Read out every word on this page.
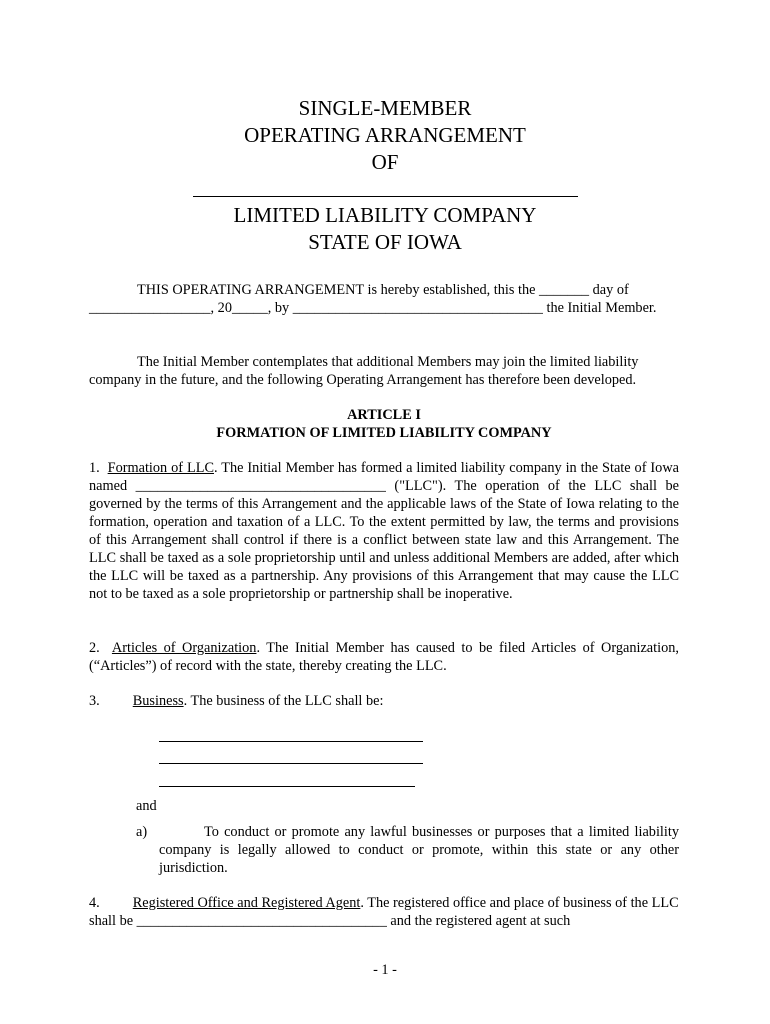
SINGLE-MEMBER
OPERATING ARRANGEMENT
OF
LIMITED LIABILITY COMPANY
STATE OF IOWA
THIS OPERATING ARRANGEMENT is hereby established, this the _______ day of _________________, 20_____, by ___________________________________ the Initial Member.
The Initial Member contemplates that additional Members may join the limited liability company in the future, and the following Operating Arrangement has therefore been developed.
ARTICLE I
FORMATION OF LIMITED LIABILITY COMPANY
1. Formation of LLC. The Initial Member has formed a limited liability company in the State of Iowa named ___________________________________ ("LLC"). The operation of the LLC shall be governed by the terms of this Arrangement and the applicable laws of the State of Iowa relating to the formation, operation and taxation of a LLC. To the extent permitted by law, the terms and provisions of this Arrangement shall control if there is a conflict between state law and this Arrangement. The LLC shall be taxed as a sole proprietorship until and unless additional Members are added, after which the LLC will be taxed as a partnership. Any provisions of this Arrangement that may cause the LLC not to be taxed as a sole proprietorship or partnership shall be inoperative.
2. Articles of Organization. The Initial Member has caused to be filed Articles of Organization, (“Articles”) of record with the state, thereby creating the LLC.
3. Business. The business of the LLC shall be:
and
a)	To conduct or promote any lawful businesses or purposes that a limited liability company is legally allowed to conduct or promote, within this state or any other jurisdiction.
4. Registered Office and Registered Agent. The registered office and place of business of the LLC shall be ___________________________________ and the registered agent at such
- 1 -
